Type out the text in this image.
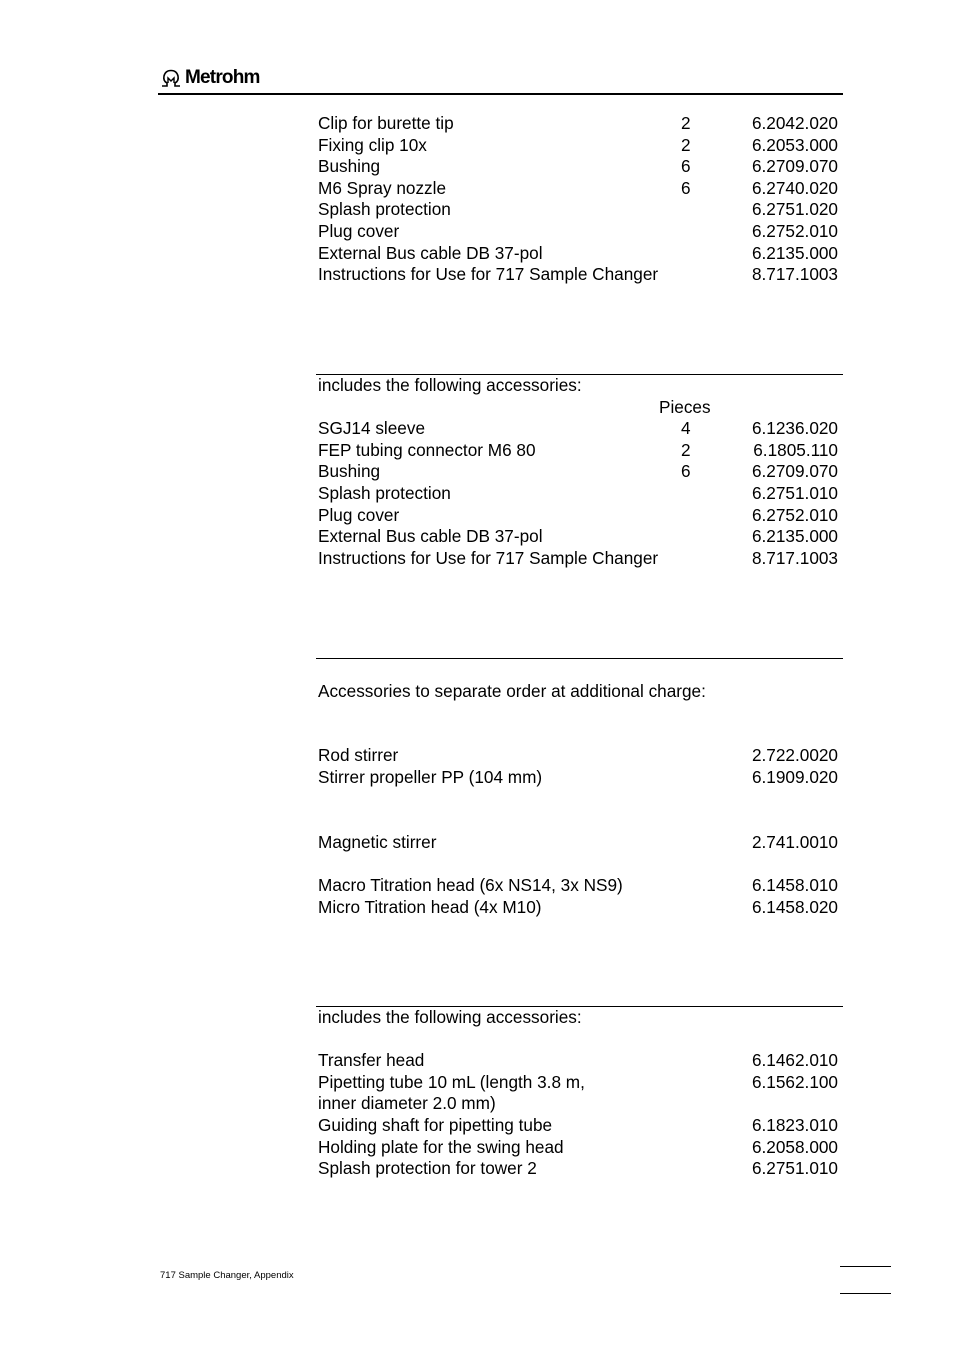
Metrohm
Clip for burette tip	2	6.2042.020
Fixing clip 10x	2	6.2053.000
Bushing	6	6.2709.070
M6 Spray nozzle	6	6.2740.020
Splash protection	6.2751.020
Plug cover	6.2752.010
External Bus cable DB 37-pol	6.2135.000
Instructions for Use for 717 Sample Changer	8.717.1003
includes the following accessories:
Pieces
SGJ14 sleeve	4	6.1236.020
FEP tubing connector M6 80	2	6.1805.110
Bushing	6	6.2709.070
Splash protection	6.2751.010
Plug cover	6.2752.010
External Bus cable DB 37-pol	6.2135.000
Instructions for Use for 717 Sample Changer	8.717.1003
Accessories to separate order at additional charge:
Rod stirrer	2.722.0020
Stirrer propeller PP (104 mm)	6.1909.020
Magnetic stirrer	2.741.0010
Macro Titration head (6x NS14, 3x NS9)	6.1458.010
Micro Titration head (4x M10)	6.1458.020
includes the following accessories:
Transfer head	6.1462.010
Pipetting tube 10 mL (length 3.8 m,	6.1562.100
inner diameter 2.0 mm)
Guiding shaft for pipetting tube	6.1823.010
Holding plate for the swing head	6.2058.000
Splash protection for tower 2	6.2751.010
717 Sample Changer, Appendix
